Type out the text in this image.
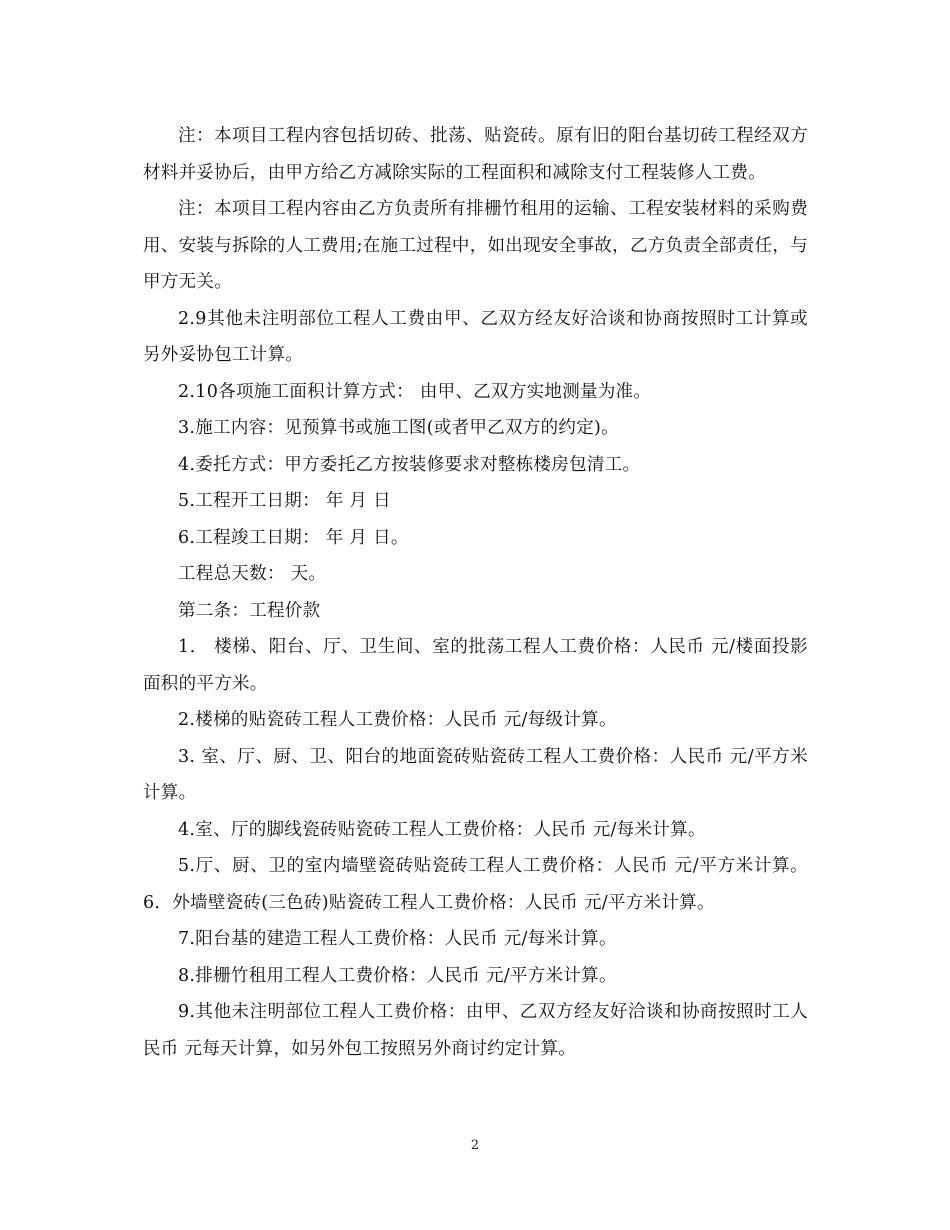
注：本项目工程内容包括切砖、批荡、贴瓷砖。原有旧的阳台基切砖工程经双方材料并妥协后，由甲方给乙方减除实际的工程面积和减除支付工程装修人工费。

注：本项目工程内容由乙方负责所有排栅竹租用的运输、工程安装材料的采购费用、安装与拆除的人工费用;在施工过程中，如出现安全事故，乙方负责全部责任，与甲方无关。

2.9其他未注明部位工程人工费由甲、乙双方经友好洽谈和协商按照时工计算或另外妥协包工计算。

2.10各项施工面积计算方式： 由甲、乙双方实地测量为准。

3.施工内容：见预算书或施工图(或者甲乙双方的约定)。

4.委托方式：甲方委托乙方按装修要求对整栋楼房包清工。

5.工程开工日期： 年 月 日

6.工程竣工日期： 年 月 日。

工程总天数： 天。

第二条：工程价款

1． 楼梯、阳台、厅、卫生间、室的批荡工程人工费价格：人民币 元/楼面投影面积的平方米。

2.楼梯的贴瓷砖工程人工费价格：人民币 元/每级计算。

3. 室、厅、厨、卫、阳台的地面瓷砖贴瓷砖工程人工费价格：人民币 元/平方米计算。

4.室、厅的脚线瓷砖贴瓷砖工程人工费价格：人民币 元/每米计算。

5.厅、厨、卫的室内墙壁瓷砖贴瓷砖工程人工费价格：人民币 元/平方米计算。 6．外墙壁瓷砖(三色砖)贴瓷砖工程人工费价格：人民币 元/平方米计算。

7.阳台基的建造工程人工费价格：人民币 元/每米计算。

8.排栅竹租用工程人工费价格：人民币 元/平方米计算。

9.其他未注明部位工程人工费价格：由甲、乙双方经友好洽谈和协商按照时工人民币 元每天计算，如另外包工按照另外商讨约定计算。

2
